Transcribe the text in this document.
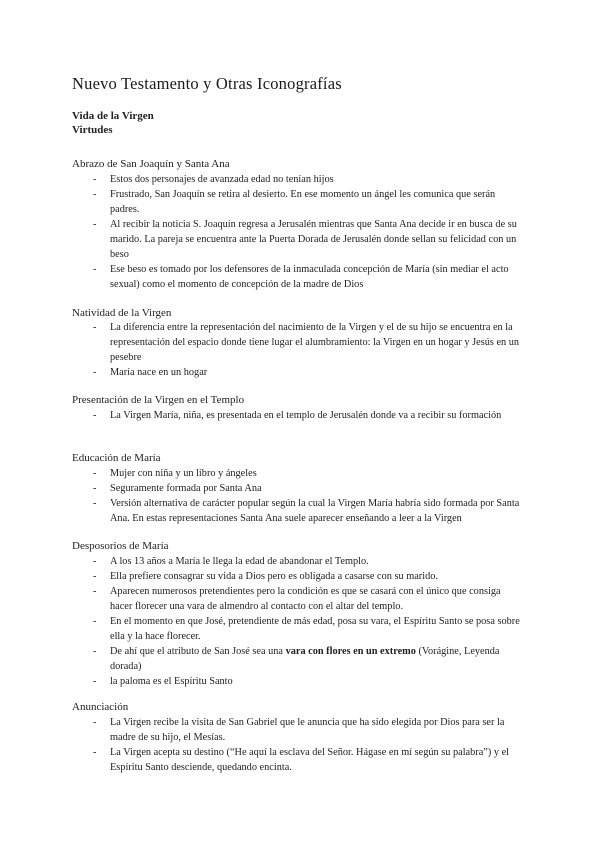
Nuevo Testamento y Otras Iconografías
Vida de la Virgen
Virtudes
Abrazo de San Joaquín y Santa Ana
- Estos dos personajes de avanzada edad no tenían hijos
- Frustrado, San Joaquín se retira al desierto. En ese momento un ángel les comunica que serán padres.
- Al recibir la noticia S. Joaquín regresa a Jerusalén mientras que Santa Ana decide ir en busca de su marido. La pareja se encuentra ante la Puerta Dorada de Jerusalén donde sellan su felicidad con un beso
- Ese beso es tomado por los defensores de la inmaculada concepción de María (sin mediar el acto sexual) como el momento de concepción de la madre de Dios
Natividad de la Virgen
- La diferencia entre la representación del nacimiento de la Virgen y el de su hijo se encuentra en la representación del espacio donde tiene lugar el alumbramiento: la Virgen en un hogar y Jesús en un pesebre
- María nace en un hogar
Presentación de la Virgen en el Templo
- La Virgen María, niña, es presentada en el templo de Jerusalén donde va a recibir su formación
Educación de María
- Mujer con niña y un libro y ángeles
- Seguramente formada por Santa Ana
- Versión alternativa de carácter popular según la cual la Virgen María habría sido formada por Santa Ana. En estas representaciones Santa Ana suele aparecer enseñando a leer a la Virgen
Desposorios de María
- A los 13 años a María le llega la edad de abandonar el Templo.
- Ella prefiere consagrar su vida a Dios pero es obligada a casarse con su marido.
- Aparecen numerosos pretendientes pero la condición es que se casará con el único que consiga hacer florecer una vara de almendro al contacto con el altar del templo.
- En el momento en que José, pretendiente de más edad, posa su vara, el Espíritu Santo se posa sobre ella y la hace florecer.
- De ahí que el atributo de San José sea una vara con flores en un extremo (Vorágine, Leyenda dorada)
- la paloma es el Espíritu Santo
Anunciación
- La Virgen recibe la visita de San Gabriel que le anuncia que ha sido elegida por Dios para ser la madre de su hijo, el Mesías.
- La Virgen acepta su destino (“He aquí la esclava del Señor. Hágase en mí según su palabra”) y el Espíritu Santo desciende, quedando encinta.
